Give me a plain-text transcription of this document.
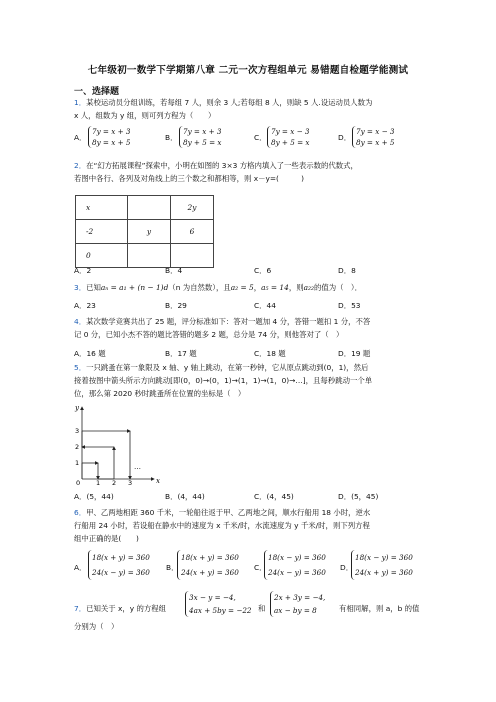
七年级初一数学下学期第八章 二元一次方程组单元 易错题自检题学能测试
一、选择题
1．某校运动员分组训练，若每组 7 人，则余 3 人;若每组 8 人，则缺 5 人.设运动员人数为
x 人，组数为 y 组，则可列方程为（　　）
A．
7y = x + 3
8y = x + 5
B．
7y = x + 3
8y + 5 = x
C．
7y = x − 3
8y + 5 = x
D．
7y = x − 3
8y = x + 5
2．在“幻方拓展课程”探索中，小明在如图的 3×3 方格内填入了一些表示数的代数式，
若图中各行、各列及对角线上的三个数之和都相等，则 x－y=(　　　)
x		2y
-2	y	6
0		
A．2	B．4	C．6	D．8
3．已知aₙ = a₁ + (n − 1)d（n 为自然数），且a₂ = 5，a₅ = 14，则a₂₂的值为（　）．
A．23	B．29	C．44	D．53
4．某次数学竞赛共出了 25 题，评分标准如下：答对一题加 4 分，答错一题扣 1 分，不答
记 0 分，已知小杰不答的题比答错的题多 2 题，总分是 74 分，则他答对了（　）
A．16 题	B．17 题	C．18 题	D．19 题
5．一只跳蚤在第一象限及 x 轴、y 轴上跳动，在第一秒钟，它从原点跳动到(0，1)，然后
接着按图中箭头所示方向跳动[即(0，0)→(0，1)→(1，1)→(1，0)→…]，且每秒跳动一个单
位，那么第 2020 秒时跳蚤所在位置的坐标是（　）
y
x
3
2
1
0 1 2 3
…
A．(5，44)	B．(4，44)	C．(4，45)	D．(5，45)
6．甲、乙两地相距 360 千米，一轮船往返于甲、乙两地之间，顺水行船用 18 小时，逆水
行船用 24 小时，若设船在静水中的速度为 x 千米/时，水流速度为 y 千米/时，则下列方程
组中正确的是(　　)
A．
18(x + y) = 360
24(x − y) = 360
B．
18(x + y) = 360
24(x + y) = 360
C．
18(x − y) = 360
24(x − y) = 360
D．
18(x − y) = 360
24(x + y) = 360
7．已知关于 x，y 的方程组
3x − y = −4,
4ax + 5by = −22 和
2x + 3y = −4,
ax − by = 8	有相同解，则 a，b 的值
分别为（　）
